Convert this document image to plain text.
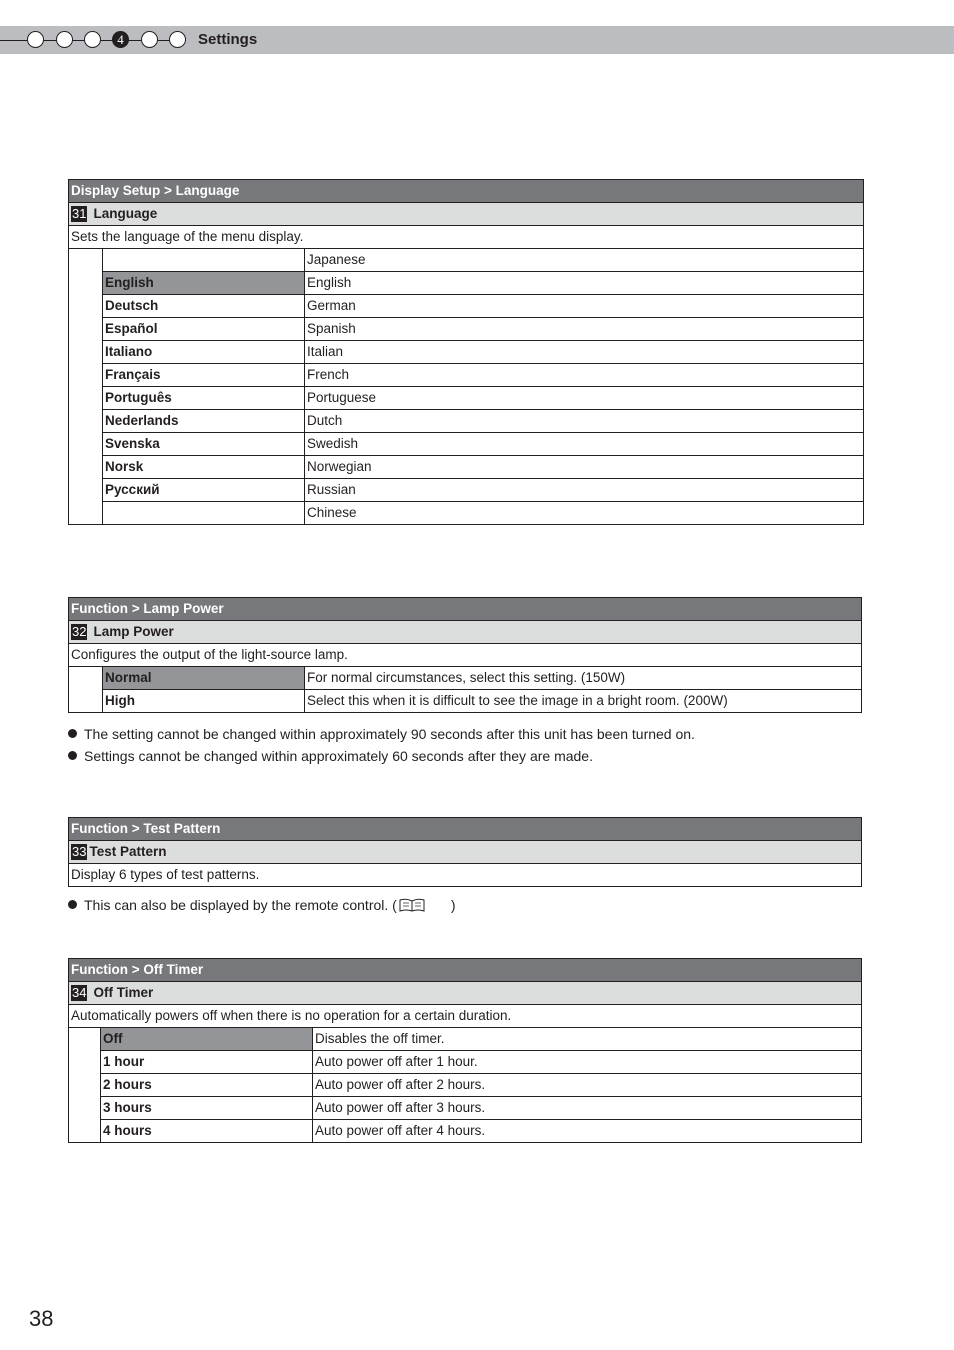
4	Settings
Display Setup > Language		
31 Language		
Sets the language of the menu display.		
		Japanese
	English	English
	Deutsch	German
	Español	Spanish
	Italiano	Italian
	Français	French
	Português	Portuguese
	Nederlands	Dutch
	Svenska	Swedish
	Norsk	Norwegian
	Русский	Russian
		Chinese
Function > Lamp Power		
32 Lamp Power		
Configures the output of the light-source lamp.		
	Normal	For normal circumstances, select this setting. (150W)
	High	Select this when it is difficult to see the image in a bright room. (200W)
The setting cannot be changed within approximately 90 seconds after this unit has been turned on.
Settings cannot be changed within approximately 60 seconds after they are made.
Function > Test Pattern
33 Test Pattern
Display 6 types of test patterns.
This can also be displayed by the remote control. (	)
Function > Off Timer		
34 Off Timer		
Automatically powers off when there is no operation for a certain duration.		
	Off	Disables the off timer.
	1 hour	Auto power off after 1 hour.
	2 hours	Auto power off after 2 hours.
	3 hours	Auto power off after 3 hours.
	4 hours	Auto power off after 4 hours.
38
